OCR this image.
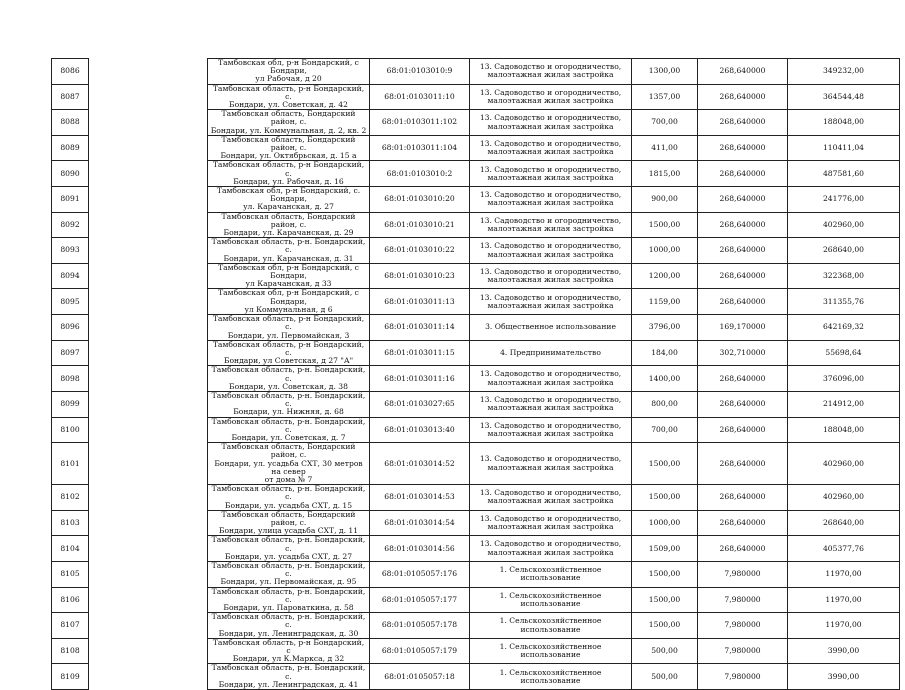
8086		Тамбовская обл, р-н Бондарский, с Бондари,
ул Рабочая, д 20	68:01:0103010:9	13. Садоводство и огородничество,
малоэтажная жилая застройка	1300,00	268,640000	349232,00
8087		Тамбовская область, р-н Бондарский, с.
Бондари, ул. Советская, д. 42	68:01:0103011:10	13. Садоводство и огородничество,
малоэтажная жилая застройка	1357,00	268,640000	364544,48
8088		Тамбовская область, Бондарский район, с.
Бондари, ул. Коммунальная, д. 2, кв. 2	68:01:0103011:102	13. Садоводство и огородничество,
малоэтажная жилая застройка	700,00	268,640000	188048,00
8089		Тамбовская область, Бондарский район, с.
Бондари, ул. Октябрьская, д. 15 а	68:01:0103011:104	13. Садоводство и огородничество,
малоэтажная жилая застройка	411,00	268,640000	110411,04
8090		Тамбовская область, р-н Бондарский, с.
Бондари, ул. Рабочая, д. 16	68:01:0103010:2	13. Садоводство и огородничество,
малоэтажная жилая застройка	1815,00	268,640000	487581,60
8091		Тамбовская обл, р-н Бондарский, с. Бондари,
ул. Карачанская, д. 27	68:01:0103010:20	13. Садоводство и огородничество,
малоэтажная жилая застройка	900,00	268,640000	241776,00
8092		Тамбовская область, Бондарский район, с.
Бондари, ул. Карачанская, д. 29	68:01:0103010:21	13. Садоводство и огородничество,
малоэтажная жилая застройка	1500,00	268,640000	402960,00
8093		Тамбовская область, р-н. Бондарский, с.
Бондари, ул. Карачанская, д. 31	68:01:0103010:22	13. Садоводство и огородничество,
малоэтажная жилая застройка	1000,00	268,640000	268640,00
8094		Тамбовская обл, р-н Бондарский, с Бондари,
ул Карачанская, д 33	68:01:0103010:23	13. Садоводство и огородничество,
малоэтажная жилая застройка	1200,00	268,640000	322368,00
8095		Тамбовская обл, р-н Бондарский, с Бондари,
ул Коммунальная, д 6	68:01:0103011:13	13. Садоводство и огородничество,
малоэтажная жилая застройка	1159,00	268,640000	311355,76
8096		Тамбовская область, р-н Бондарский, с.
Бондари, ул. Первомайская, 3	68:01:0103011:14	3. Общественное использование	3796,00	169,170000	642169,32
8097		Тамбовская область, р-н Бондарский, с.
Бондари, ул Советская, д 27 "А"	68:01:0103011:15	4. Предпринимательство	184,00	302,710000	55698,64
8098		Тамбовская область, р-н. Бондарский, с.
Бондари, ул. Советская, д. 38	68:01:0103011:16	13. Садоводство и огородничество,
малоэтажная жилая застройка	1400,00	268,640000	376096,00
8099		Тамбовская область, р-н. Бондарский, с.
Бондари, ул. Нижняя, д. 68	68:01:0103027:65	13. Садоводство и огородничество,
малоэтажная жилая застройка	800,00	268,640000	214912,00
8100		Тамбовская область, р-н. Бондарский, с.
Бондари, ул. Советская, д. 7	68:01:0103013:40	13. Садоводство и огородничество,
малоэтажная жилая застройка	700,00	268,640000	188048,00
8101		Тамбовская область, Бондарский район, с.
Бондари, ул. усадьба СХТ, 30 метров на север
от дома № 7	68:01:0103014:52	13. Садоводство и огородничество,
малоэтажная жилая застройка	1500,00	268,640000	402960,00
8102		Тамбовская область, р-н. Бондарский, с.
Бондари, ул. усадьба СХТ, д. 15	68:01:0103014:53	13. Садоводство и огородничество,
малоэтажная жилая застройка	1500,00	268,640000	402960,00
8103		Тамбовская область, Бондарский район, с.
Бондари, улица усадьба СХТ, д. 11	68:01:0103014:54	13. Садоводство и огородничество,
малоэтажная жилая застройка	1000,00	268,640000	268640,00
8104		Тамбовская область, р-н. Бондарский, с.
Бондари, ул. усадьба СХТ, д. 27	68:01:0103014:56	13. Садоводство и огородничество,
малоэтажная жилая застройка	1509,00	268,640000	405377,76
8105		Тамбовская область, р-н. Бондарский, с.
Бондари, ул. Первомайская, д. 95	68:01:0105057:176	1. Сельскохозяйственное использование	1500,00	7,980000	11970,00
8106		Тамбовская область, р-н. Бондарский, с.
Бондари, ул. Пароваткина, д. 58	68:01:0105057:177	1. Сельскохозяйственное использование	1500,00	7,980000	11970,00
8107		Тамбовская область, р-н. Бондарский, с.
Бондари, ул. Ленинградская, д. 30	68:01:0105057:178	1. Сельскохозяйственное использование	1500,00	7,980000	11970,00
8108		Тамбовская область, р-н Бондарский, с
Бондари, ул К.Маркса, д 32	68:01:0105057:179	1. Сельскохозяйственное использование	500,00	7,980000	3990,00
8109		Тамбовская область, р-н. Бондарский, с.
Бондари, ул. Ленинградская, д. 41	68:01:0105057:18	1. Сельскохозяйственное использование	500,00	7,980000	3990,00
